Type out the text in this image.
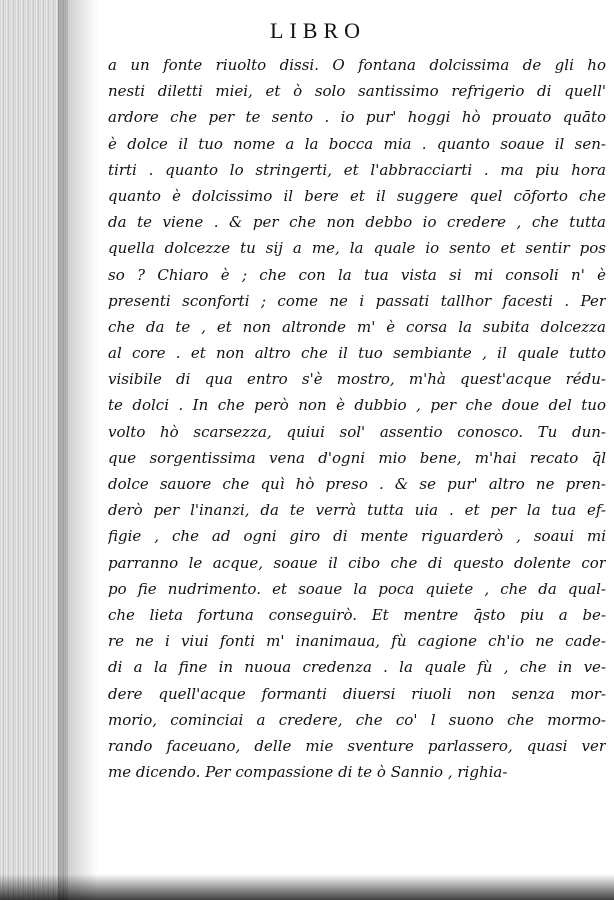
LIBRO
a un fonte riuolto dissi. O fontana dolcissima de gli ho
nesti diletti miei, et ò solo santissimo refrigerio di quell'
ardore che per te sento . io pur' hoggi hò prouato quāto
è dolce il tuo nome a la bocca mia . quanto soaue il sen-
tirti . quanto lo stringerti, et l'abbracciarti . ma piu hora
quanto è dolcissimo il bere et il suggere quel cōforto che
da te viene . & per che non debbo io credere , che tutta
quella dolcezze tu sij a me, la quale io sento et sentir pos
so ? Chiaro è ; che con la tua vista si mi consoli n' è
presenti sconforti ; come ne i passati tallhor facesti . Per
che da te , et non altronde m' è corsa la subita dolcezza
al core . et non altro che il tuo sembiante , il quale tutto
visibile di qua entro s'è mostro, m'hà quest'acque rédu-
te dolci . In che però non è dubbio , per che doue del tuo
volto hò scarsezza, quiui sol' assentio conosco. Tu dun-
que sorgentissima vena d'ogni mio bene, m'hai recato q̄l
dolce sauore che quì hò preso . & se pur' altro ne pren-
derò per l'inanzi, da te verrà tutta uia . et per la tua ef-
figie , che ad ogni giro di mente riguarderò , soaui mi
parranno le acque, soaue il cibo che di questo dolente cor
po fie nudrimento. et soaue la poca quiete , che da qual-
che lieta fortuna conseguirò. Et mentre q̄sto piu a be-
re ne i viui fonti m' inanimaua, fù cagione ch'io ne cade-
di a la fine in nuoua credenza . la quale fù , che in ve-
dere quell'acque formanti diuersi riuoli non senza mor-
morio, cominciai a credere, che co' l suono che mormo-
rando faceuano, delle mie sventure parlassero, quasi ver
me dicendo. Per compassione di te ò Sannio , righia-
